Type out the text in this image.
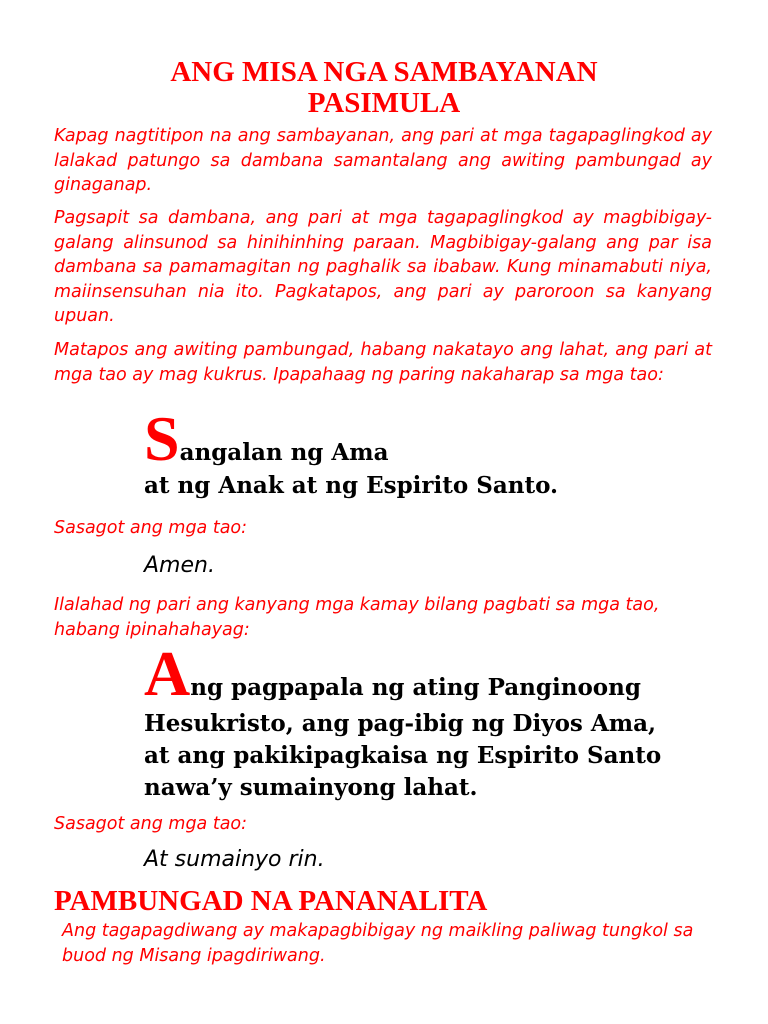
ANG MISA NGA SAMBAYANAN
PASIMULA

Kapag nagtitipon na ang sambayanan, ang pari at mga tagapaglingkod ay lalakad patungo sa dambana samantalang ang awiting pambungad ay ginaganap.

Pagsapit sa dambana, ang pari at mga tagapaglingkod ay magbibigay-galang alinsunod sa hinihinhing paraan. Magbibigay-galang ang par isa dambana sa pamamagitan ng paghalik sa ibabaw. Kung minamabuti niya, maiinsensuhan nia ito. Pagkatapos, ang pari ay paroroon sa kanyang upuan.

Matapos ang awiting pambungad, habang nakatayo ang lahat, ang pari at mga tao ay mag kukrus. Ipapahaag ng paring nakaharap sa mga tao:

Sangalan ng Ama
at ng Anak at ng Espirito Santo.

Sasagot ang mga tao:

Amen.

Ilalahad ng pari ang kanyang mga kamay bilang pagbati sa mga tao, habang ipinahahayag:

Ang pagpapala ng ating Panginoong
Hesukristo, ang pag-ibig ng Diyos Ama,
at ang pakikipagkaisa ng Espirito Santo
nawa’y sumainyong lahat.

Sasagot ang mga tao:

At sumainyo rin.

PAMBUNGAD NA PANANALITA

Ang tagapagdiwang ay makapagbibigay ng maikling paliwag tungkol sa buod ng Misang ipagdiriwang.
